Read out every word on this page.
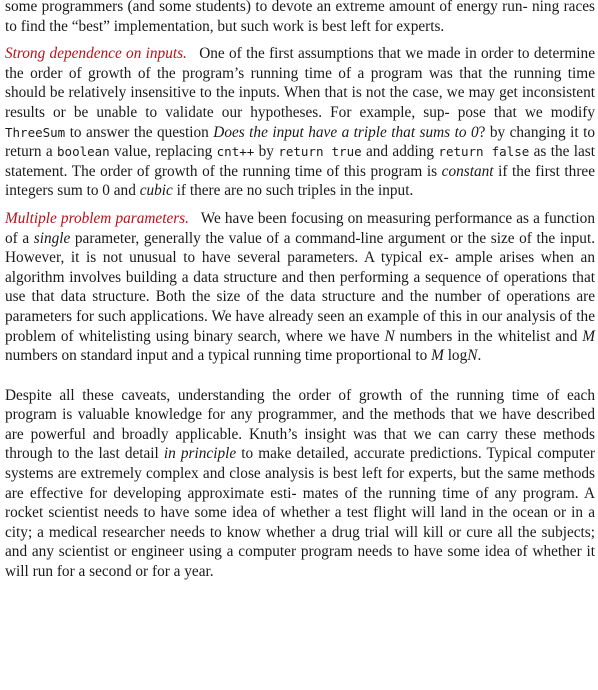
some programmers (and some students) to devote an extreme amount of energy run- ning races to find the “best” implementation, but such work is best left for experts.

Strong dependence on inputs. One of the first assumptions that we made in order to determine the order of growth of the program’s running time of a program was that the running time should be relatively insensitive to the inputs. When that is not the case, we may get inconsistent results or be unable to validate our hypotheses. For example, sup- pose that we modify ThreeSum to answer the question Does the input have a triple that sums to 0? by changing it to return a boolean value, replacing cnt++ by return true and adding return false as the last statement. The order of growth of the running time of this program is constant if the first three integers sum to 0 and cubic if there are no such triples in the input.

Multiple problem parameters. We have been focusing on measuring performance as a function of a single parameter, generally the value of a command-line argument or the size of the input. However, it is not unusual to have several parameters. A typical ex- ample arises when an algorithm involves building a data structure and then performing a sequence of operations that use that data structure. Both the size of the data structure and the number of operations are parameters for such applications. We have already seen an example of this in our analysis of the problem of whitelisting using binary search, where we have N numbers in the whitelist and M numbers on standard input and a typical running time proportional to M logN.

Despite all these caveats, understanding the order of growth of the running time of each program is valuable knowledge for any programmer, and the methods that we have described are powerful and broadly applicable. Knuth’s insight was that we can carry these methods through to the last detail in principle to make detailed, accurate predictions. Typical computer systems are extremely complex and close analysis is best left for experts, but the same methods are effective for developing approximate esti- mates of the running time of any program. A rocket scientist needs to have some idea of whether a test flight will land in the ocean or in a city; a medical researcher needs to know whether a drug trial will kill or cure all the subjects; and any scientist or engineer using a computer program needs to have some idea of whether it will run for a second or for a year.
